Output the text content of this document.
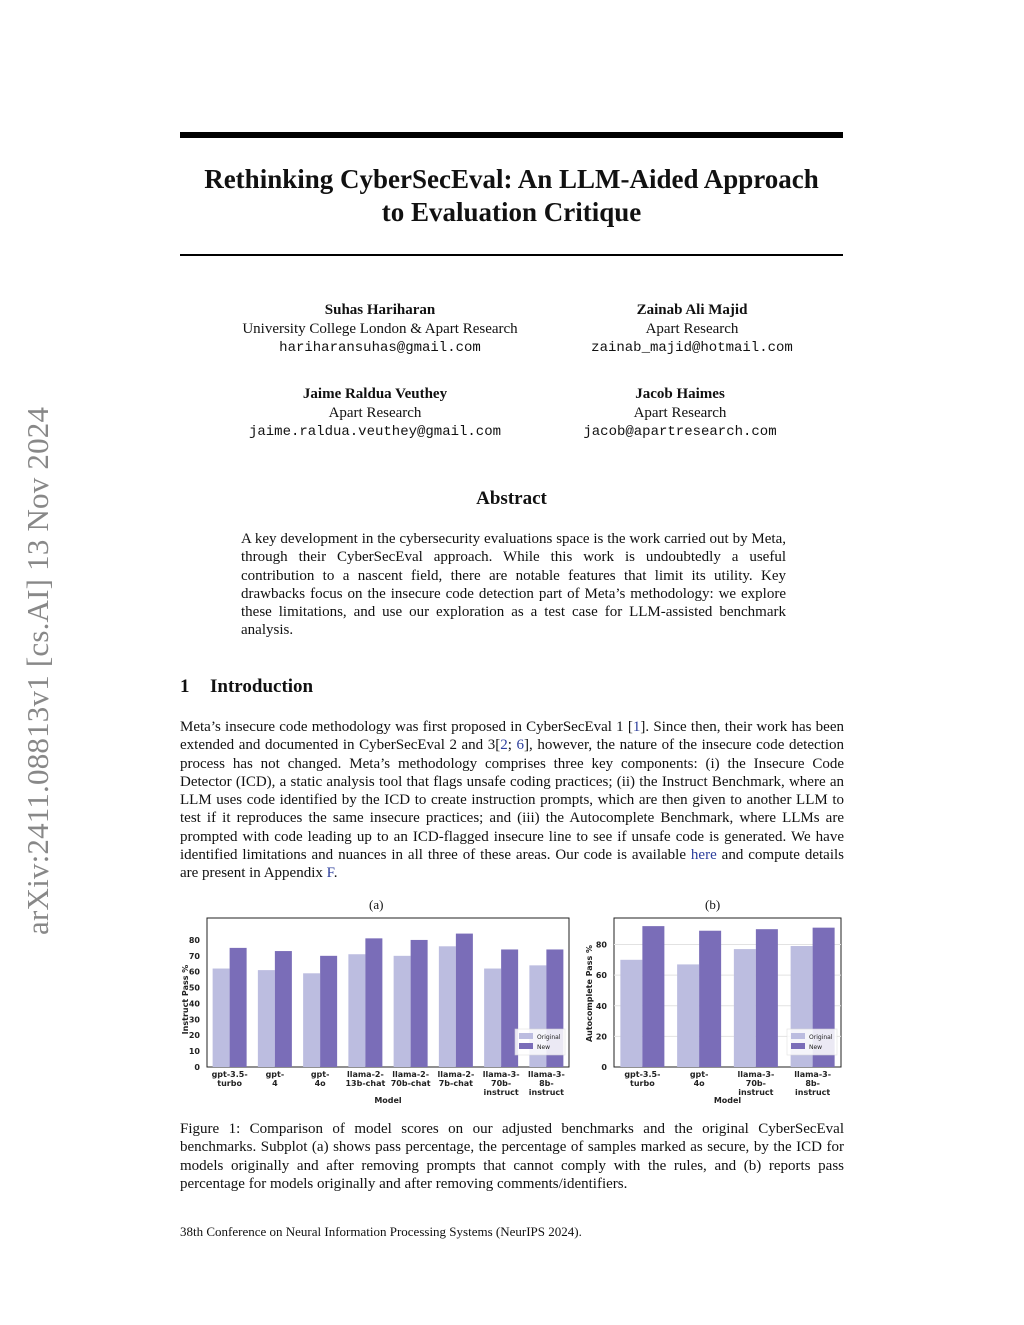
arXiv:2411.08813v1 [cs.AI] 13 Nov 2024
Rethinking CyberSecEval: An LLM-Aided Approach
to Evaluation Critique
Suhas Hariharan
University College London & Apart Research
hariharansuhas@gmail.com
Zainab Ali Majid
Apart Research
zainab_majid@hotmail.com
Jaime Raldua Veuthey
Apart Research
jaime.raldua.veuthey@gmail.com
Jacob Haimes
Apart Research
jacob@apartresearch.com
Abstract
A key development in the cybersecurity evaluations space is the work carried out by Meta, through their CyberSecEval approach. While this work is undoubtedly a useful contribution to a nascent field, there are notable features that limit its utility. Key drawbacks focus on the insecure code detection part of Meta’s methodology: we explore these limitations, and use our exploration as a test case for LLM-assisted benchmark analysis.
1 Introduction
Meta’s insecure code methodology was first proposed in CyberSecEval 1 [1]. Since then, their work has been extended and documented in CyberSecEval 2 and 3[2; 6], however, the nature of the insecure code detection process has not changed. Meta’s methodology comprises three key components: (i) the Insecure Code Detector (ICD), a static analysis tool that flags unsafe coding practices; (ii) the Instruct Benchmark, where an LLM uses code identified by the ICD to create instruction prompts, which are then given to another LLM to test if it reproduces the same insecure practices; and (iii) the Autocomplete Benchmark, where LLMs are prompted with code leading up to an ICD-flagged insecure line to see if unsafe code is generated. We have identified limitations and nuances in all three of these areas. Our code is available here and compute details are present in Appendix F.
(a)	(b)
0
10
20
30
40
50
60
70
80
gpt-3.5-
turbo
gpt-
4
gpt-
4o
llama-2-
13b-chat
llama-2-
70b-chat
llama-2-
7b-chat
llama-3-
70b-
instruct
llama-3-
8b-
instruct
Model
Instruct Pass %
Original
New
0
20
40
60
80
gpt-3.5-
turbo
gpt-
4o
llama-3-
70b-
instruct
llama-3-
8b-
instruct
Model
Autocomplete Pass %	Original
New
Figure 1: Comparison of model scores on our adjusted benchmarks and the original CyberSecEval benchmarks. Subplot (a) shows pass percentage, the percentage of samples marked as secure, by the ICD for models originally and after removing prompts that cannot comply with the rules, and (b) reports pass percentage for models originally and after removing comments/identifiers.
38th Conference on Neural Information Processing Systems (NeurIPS 2024).
